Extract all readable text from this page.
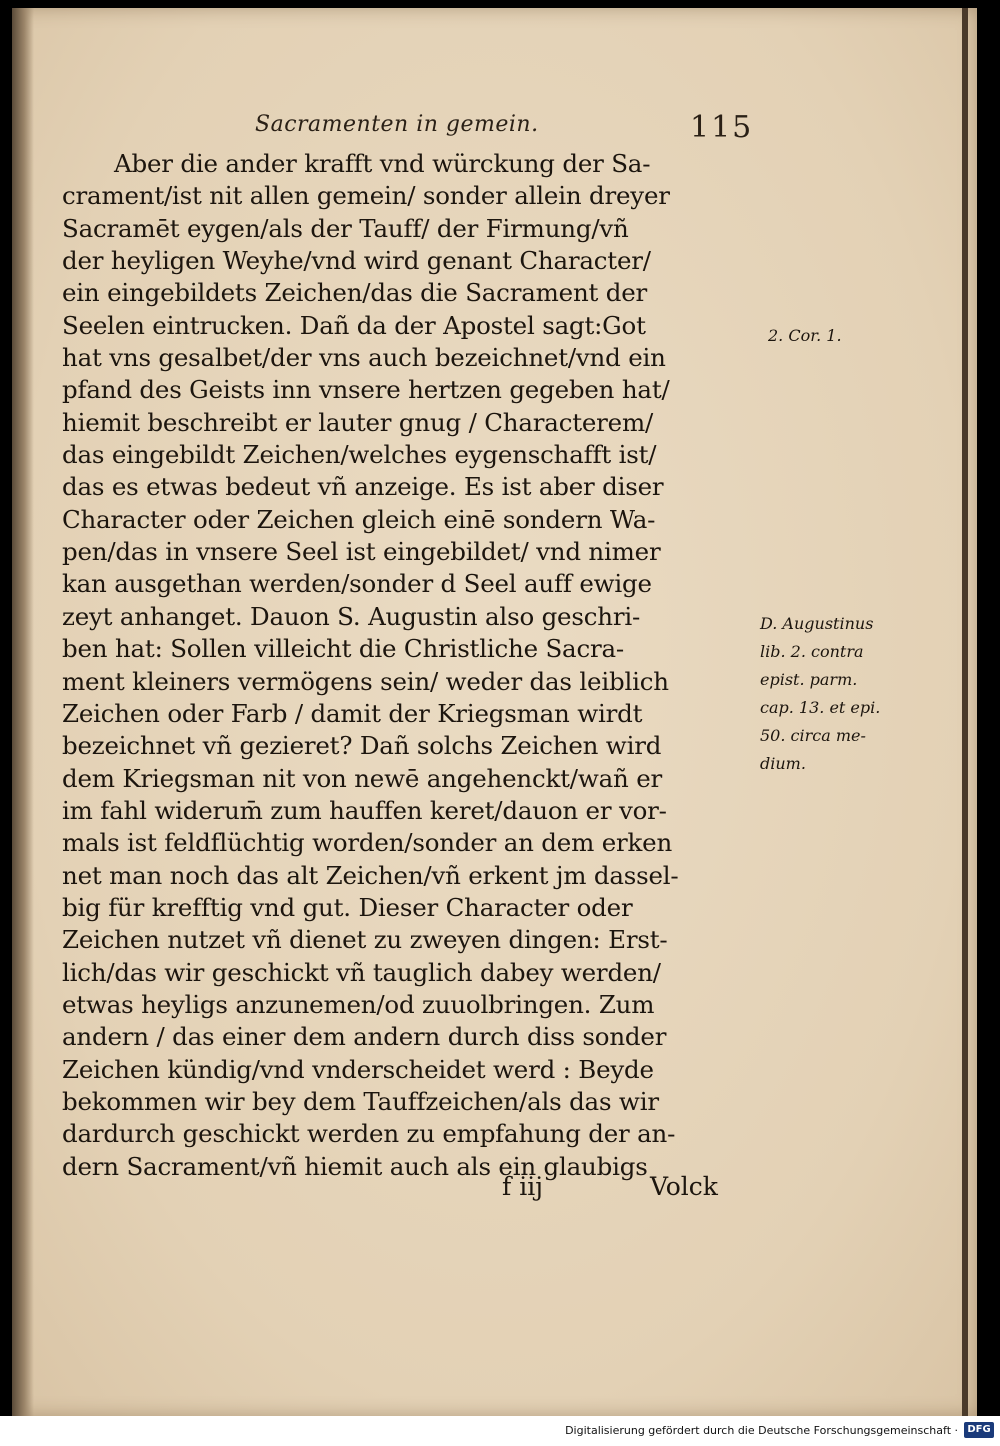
Sacramenten in gemein.	115
Aber die ander krafft vnd würckung der Sa-
crament/ist nit allen gemein/ sonder allein dreyer
Sacramēt eygen/als der Tauff/ der Firmung/vñ
der heyligen Weyhe/vnd wird genant Character/
ein eingebildets Zeichen/das die Sacrament der
Seelen eintrucken. Dañ da der Apostel sagt:Got
hat vns gesalbet/der vns auch bezeichnet/vnd ein
pfand des Geists inn vnsere hertzen gegeben hat/
hiemit beschreibt er lauter gnug / Characterem/
das eingebildt Zeichen/welches eygenschafft ist/
das es etwas bedeut vñ anzeige. Es ist aber diser
Character oder Zeichen gleich einē sondern Wa-
pen/das in vnsere Seel ist eingebildet/ vnd nimer
kan ausgethan werden/sonder d Seel auff ewige
zeyt anhanget. Dauon S. Augustin also geschri-
ben hat: Sollen villeicht die Christliche Sacra-
ment kleiners vermögens sein/ weder das leiblich
Zeichen oder Farb / damit der Kriegsman wirdt
bezeichnet vñ gezieret? Dañ solchs Zeichen wird
dem Kriegsman nit von newē angehenckt/wañ er
im fahl widerum̄ zum hauffen keret/dauon er vor-
mals ist feldflüchtig worden/sonder an dem erken
net man noch das alt Zeichen/vñ erkent jm dassel-
big für krefftig vnd gut. Dieser Character oder
Zeichen nutzet vñ dienet zu zweyen dingen: Erst-
lich/das wir geschickt vñ tauglich dabey werden/
etwas heyligs anzunemen/od zuuolbringen. Zum
andern / das einer dem andern durch diss sonder
Zeichen kündig/vnd vnderscheidet werd : Beyde
bekommen wir bey dem Tauffzeichen/als das wir
dardurch geschickt werden zu empfahung der an-
dern Sacrament/vñ hiemit auch als ein glaubigs
f iij	Volck
2. Cor. 1.
D. Augustinus
lib. 2. contra
epist. parm.
cap. 13. et epi.
50. circa me-
dium.
Digitalisierung gefördert durch die Deutsche Forschungsgemeinschaft · DFG
